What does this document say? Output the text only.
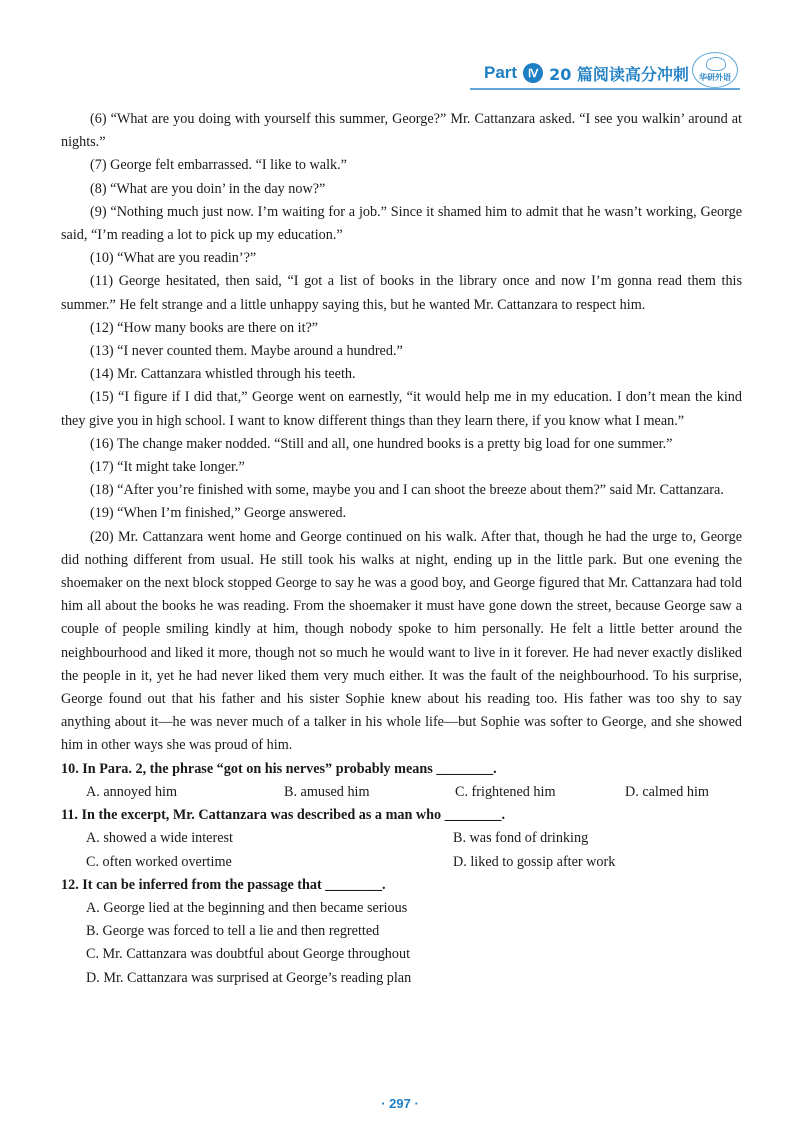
Part Ⅳ 20 篇阅读高分冲刺	华研外语

(6) “What are you doing with yourself this summer, George?” Mr. Cattanzara asked. “I see you walkin’ around at nights.”

(7) George felt embarrassed. “I like to walk.”

(8) “What are you doin’ in the day now?”

(9) “Nothing much just now. I’m waiting for a job.” Since it shamed him to admit that he wasn’t working, George said, “I’m reading a lot to pick up my education.”

(10) “What are you readin’?”

(11) George hesitated, then said, “I got a list of books in the library once and now I’m gonna read them this summer.” He felt strange and a little unhappy saying this, but he wanted Mr. Cattanzara to respect him.

(12) “How many books are there on it?”

(13) “I never counted them. Maybe around a hundred.”

(14) Mr. Cattanzara whistled through his teeth.

(15) “I figure if I did that,” George went on earnestly, “it would help me in my education. I don’t mean the kind they give you in high school. I want to know different things than they learn there, if you know what I mean.”

(16) The change maker nodded. “Still and all, one hundred books is a pretty big load for one summer.”

(17) “It might take longer.”

(18) “After you’re finished with some, maybe you and I can shoot the breeze about them?” said Mr. Cattanzara.

(19) “When I’m finished,” George answered.

(20) Mr. Cattanzara went home and George continued on his walk. After that, though he had the urge to, George did nothing different from usual. He still took his walks at night, ending up in the little park. But one evening the shoemaker on the next block stopped George to say he was a good boy, and George figured that Mr. Cattanzara had told him all about the books he was reading. From the shoemaker it must have gone down the street, because George saw a couple of people smiling kindly at him, though nobody spoke to him personally. He felt a little better around the neighbourhood and liked it more, though not so much he would want to live in it forever. He had never exactly disliked the people in it, yet he had never liked them very much either. It was the fault of the neighbourhood. To his surprise, George found out that his father and his sister Sophie knew about his reading too. His father was too shy to say anything about it—he was never much of a talker in his whole life—but Sophie was softer to George, and she showed him in other ways she was proud of him.

10. In Para. 2, the phrase “got on his nerves” probably means ________.

A. annoyed him	B. amused him	C. frightened him	D. calmed him

11. In the excerpt, Mr. Cattanzara was described as a man who ________.

A. showed a wide interest	B. was fond of drinking
C. often worked overtime	D. liked to gossip after work

12. It can be inferred from the passage that ________.

A. George lied at the beginning and then became serious

B. George was forced to tell a lie and then regretted

C. Mr. Cattanzara was doubtful about George throughout

D. Mr. Cattanzara was surprised at George’s reading plan

· 297 ·
